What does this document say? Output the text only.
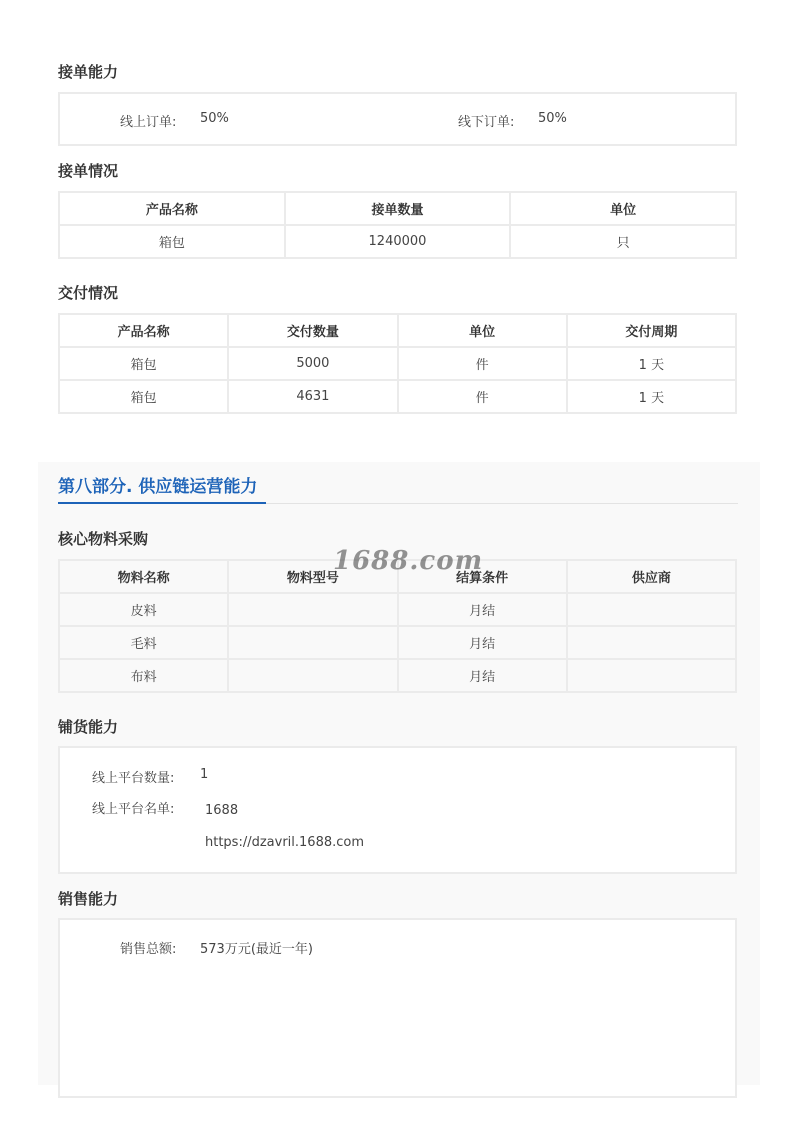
接单能力
线上订单: 50%	线下订单: 50%
接单情况
产品名称	接单数量	单位
箱包	1240000	只
交付情况
产品名称	交付数量	单位	交付周期
箱包	5000	件	1 天
箱包	4631	件	1 天
第八部分. 供应链运营能力
核心物料采购
物料名称	物料型号	结算条件	供应商
皮料		月结	
毛料		月结	
布料		月结	
1688.com
铺货能力
线上平台数量: 1
线上平台名单: 1688
https://dzavril.1688.com
销售能力
销售总额: 573万元(最近一年)
